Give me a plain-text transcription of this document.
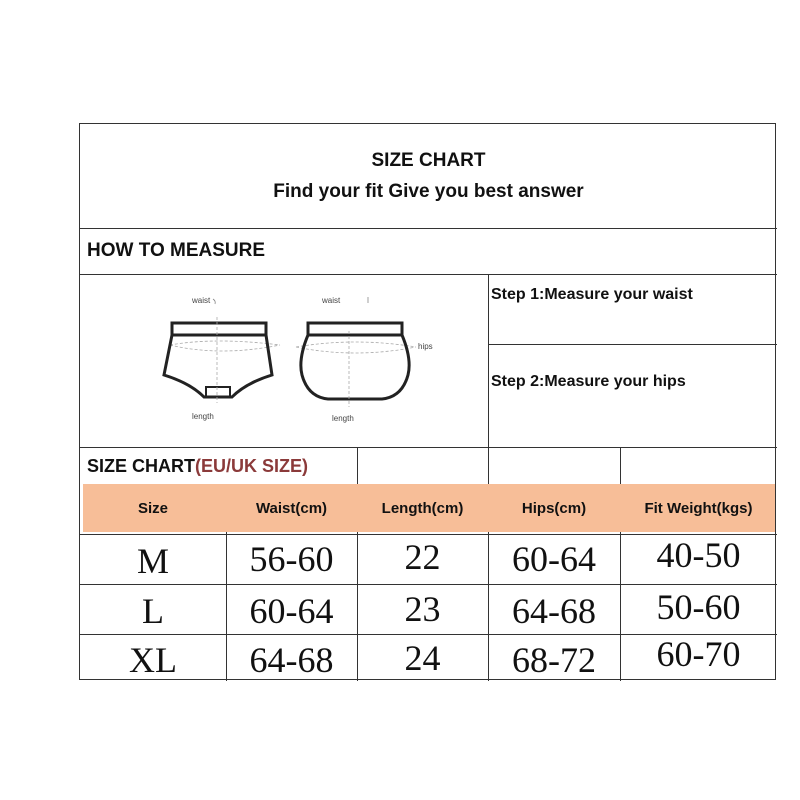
SIZE CHART
Find your fit Give you best answer
HOW TO MEASURE
waist
length
waist
hips
length
Step 1:Measure your waist
Step 2:Measure your hips
SIZE CHART(EU/UK SIZE)
Size	Waist(cm)	Length(cm)	Hips(cm)	Fit Weight(kgs)
M	56-60	22	60-64	40-50
L	60-64	23	64-68	50-60
XL	64-68	24	68-72	60-70
